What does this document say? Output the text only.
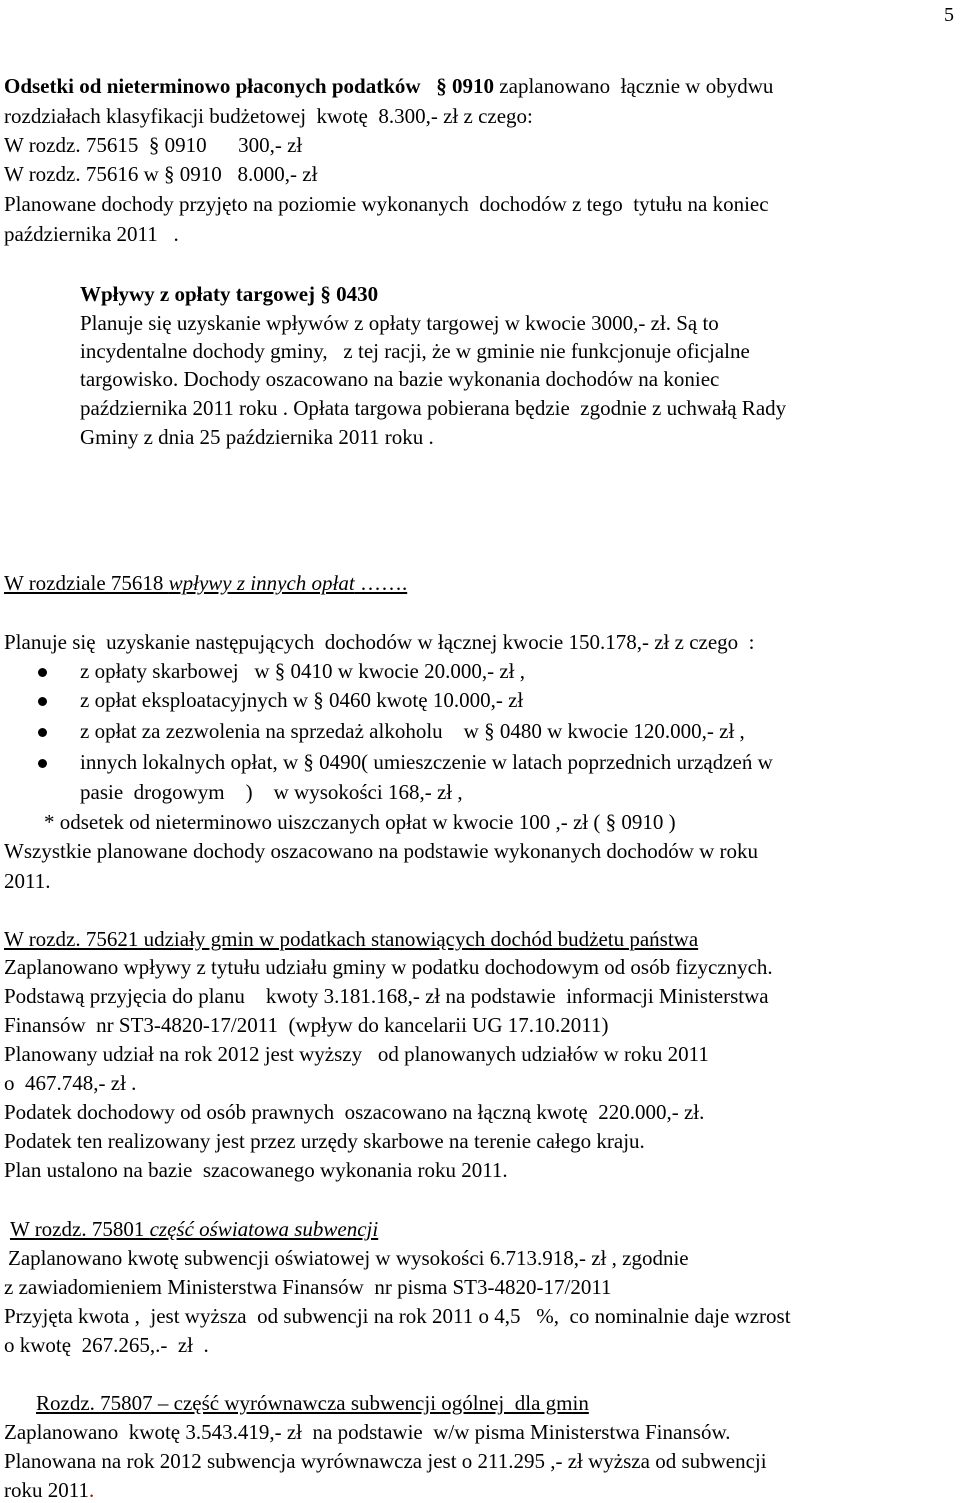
5
Odsetki od nieterminowo płaconych podatków § 0910 zaplanowano  łącznie w obydwu
rozdziałach klasyfikacji budżetowej  kwotę  8.300,- zł z czego:
W rozdz. 75615 § 0910      300,- zł
W rozdz. 75616 w § 0910   8.000,- zł
Planowane dochody przyjęto na poziomie wykonanych  dochodów z tego  tytułu na koniec
października 2011   .
Wpływy z opłaty targowej § 0430
Planuje się uzyskanie wpływów z opłaty targowej w kwocie 3000,- zł. Są to
incydentalne dochody gminy,   z tej racji, że w gminie nie funkcjonuje oficjalne
targowisko. Dochody oszacowano na bazie wykonania dochodów na koniec
października 2011 roku . Opłata targowa pobierana będzie  zgodnie z uchwałą Rady
Gminy z dnia 25 października 2011 roku .
W rozdziale 75618 wpływy z innych opłat …….
Planuje się  uzyskanie następujących  dochodów w łącznej kwocie 150.178,- zł z czego  :
z opłaty skarbowej   w § 0410 w kwocie 20.000,- zł ,
z opłat eksploatacyjnych w § 0460 kwotę 10.000,- zł
z opłat za zezwolenia na sprzedaż alkoholu    w § 0480 w kwocie 120.000,- zł ,
innych lokalnych opłat, w § 0490( umieszczenie w latach poprzednich urządzeń w
pasie  drogowym    )    w wysokości 168,- zł ,
* odsetek od nieterminowo uiszczanych opłat w kwocie 100 ,- zł ( § 0910 )
Wszystkie planowane dochody oszacowano na podstawie wykonanych dochodów w roku
2011.
W rozdz. 75621 udziały gmin w podatkach stanowiących dochód budżetu państwa
Zaplanowano wpływy z tytułu udziału gminy w podatku dochodowym od osób fizycznych.
Podstawą przyjęcia do planu    kwoty 3.181.168,- zł na podstawie  informacji Ministerstwa
Finansów  nr ST3-4820-17/2011  (wpływ do kancelarii UG 17.10.2011)
Planowany udział na rok 2012 jest wyższy   od planowanych udziałów w roku 2011
o  467.748,- zł .
Podatek dochodowy od osób prawnych  oszacowano na łączną kwotę  220.000,- zł.
Podatek ten realizowany jest przez urzędy skarbowe na terenie całego kraju.
Plan ustalono na bazie  szacowanego wykonania roku 2011.
W rozdz. 75801 część oświatowa subwencji
Zaplanowano kwotę subwencji oświatowej w wysokości 6.713.918,- zł , zgodnie
z zawiadomieniem Ministerstwa Finansów  nr pisma ST3-4820-17/2011
Przyjęta kwota ,  jest wyższa  od subwencji na rok 2011 o 4,5   %,  co nominalnie daje wzrost
o kwotę  267.265,.-  zł  .
Rozdz. 75807 – część wyrównawcza subwencji ogólnej  dla gmin
Zaplanowano  kwotę 3.543.419,- zł  na podstawie  w/w pisma Ministerstwa Finansów.
Planowana na rok 2012 subwencja wyrównawcza jest o 211.295 ,- zł wyższa od subwencji
roku 2011.
